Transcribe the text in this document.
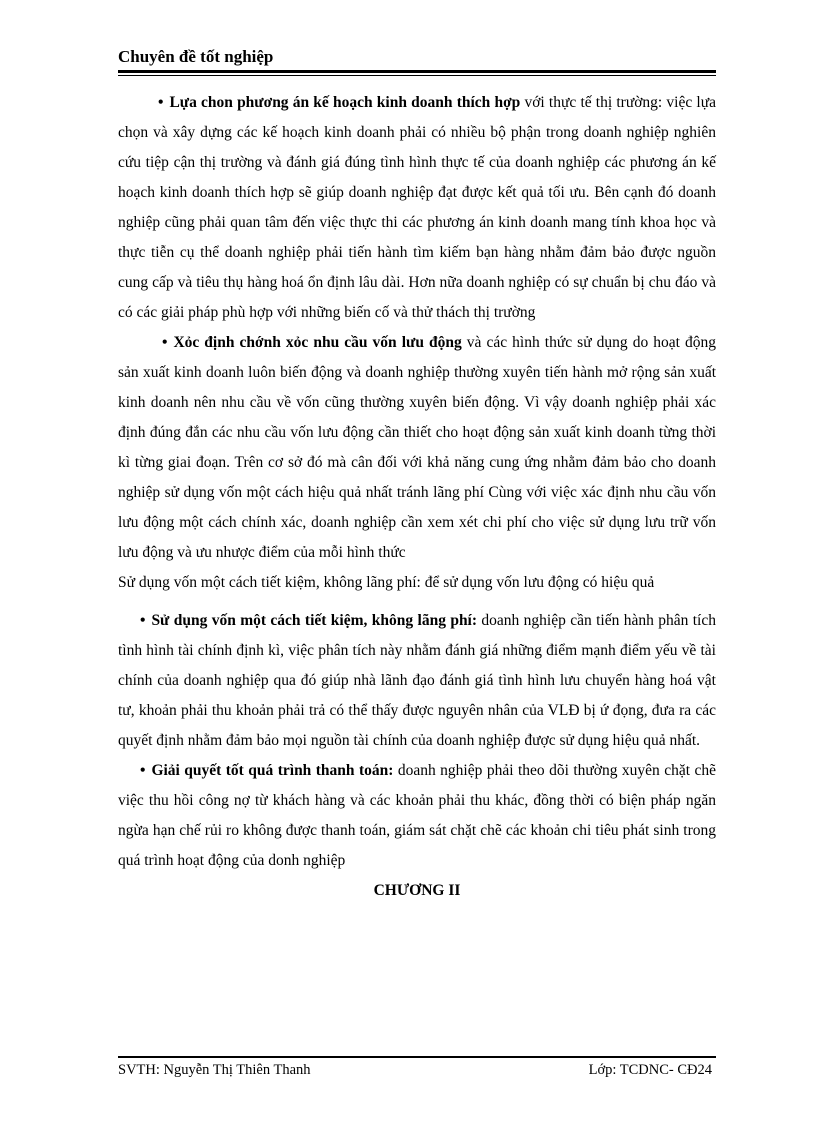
Chuyên đề tốt nghiệp

• Lựa chon phương án kế hoạch kinh doanh thích hợp với thực tế thị trường: việc lựa chọn và xây dựng các kế hoạch kinh doanh phải có nhiều bộ phận trong doanh nghiệp nghiên cứu tiệp cận thị trường và đánh giá đúng tình hình thực tế của doanh nghiệp các phương án kế hoạch kinh doanh thích hợp sẽ giúp doanh nghiệp đạt được kết quả tối ưu. Bên cạnh đó doanh nghiệp cũng phải quan tâm đến việc thực thi các phương án kinh doanh mang tính khoa học và thực tiễn cụ thể doanh nghiệp phải tiến hành tìm kiếm bạn hàng nhằm đảm bảo được nguồn cung cấp và tiêu thụ hàng hoá ổn định lâu dài. Hơn nữa doanh nghiệp có sự chuẩn bị chu đáo và có các giải pháp phù hợp với những biến cố và thử thách thị trường

• Xỏc định chớnh xỏc nhu cầu vốn lưu động và các hình thức sử dụng do hoạt động sản xuất kinh doanh luôn biến động và doanh nghiệp thường xuyên tiến hành mở rộng sản xuất kinh doanh nên nhu cầu về vốn cũng thường xuyên biến động. Vì vậy doanh nghiệp phải xác định đúng đắn các nhu cầu vốn lưu động cần thiết cho hoạt động sản xuất kinh doanh từng thời kì từng giai đoạn. Trên cơ sở đó mà cân đối với khả năng cung ứng nhằm đảm bảo cho doanh nghiệp sử dụng vốn một cách hiệu quả nhất tránh lãng phí Cùng với việc xác định nhu cầu vốn lưu động một cách chính xác, doanh nghiệp cần xem xét chi phí cho việc sử dụng lưu trữ vốn lưu động và ưu nhược điểm của mỗi hình thức

Sử dụng vốn một cách tiết kiệm, không lãng phí: để sử dụng vốn lưu động có hiệu quả

• Sử dụng vốn một cách tiết kiệm, không lãng phí: doanh nghiệp cần tiến hành phân tích tình hình tài chính định kì, việc phân tích này nhằm đánh giá những điểm mạnh điểm yếu về tài chính của doanh nghiệp qua đó giúp nhà lãnh đạo đánh giá tình hình lưu chuyển hàng hoá vật tư, khoản phải thu khoản phải trả có thể thấy được nguyên nhân của VLĐ bị ứ đọng, đưa ra các quyết định nhằm đảm bảo mọi nguồn tài chính của doanh nghiệp được sử dụng hiệu quả nhất.

• Giải quyết tốt quá trình thanh toán: doanh nghiệp phải theo dõi thường xuyên chặt chẽ việc thu hồi công nợ từ khách hàng và các khoản phải thu khác, đồng thời có biện pháp ngăn ngừa hạn chế rủi ro không được thanh toán, giám sát chặt chẽ các khoản chi tiêu phát sinh trong quá trình hoạt động của donh nghiệp

CHƯƠNG II

SVTH: Nguyễn Thị Thiên Thanh	Lớp: TCDNC- CĐ24
